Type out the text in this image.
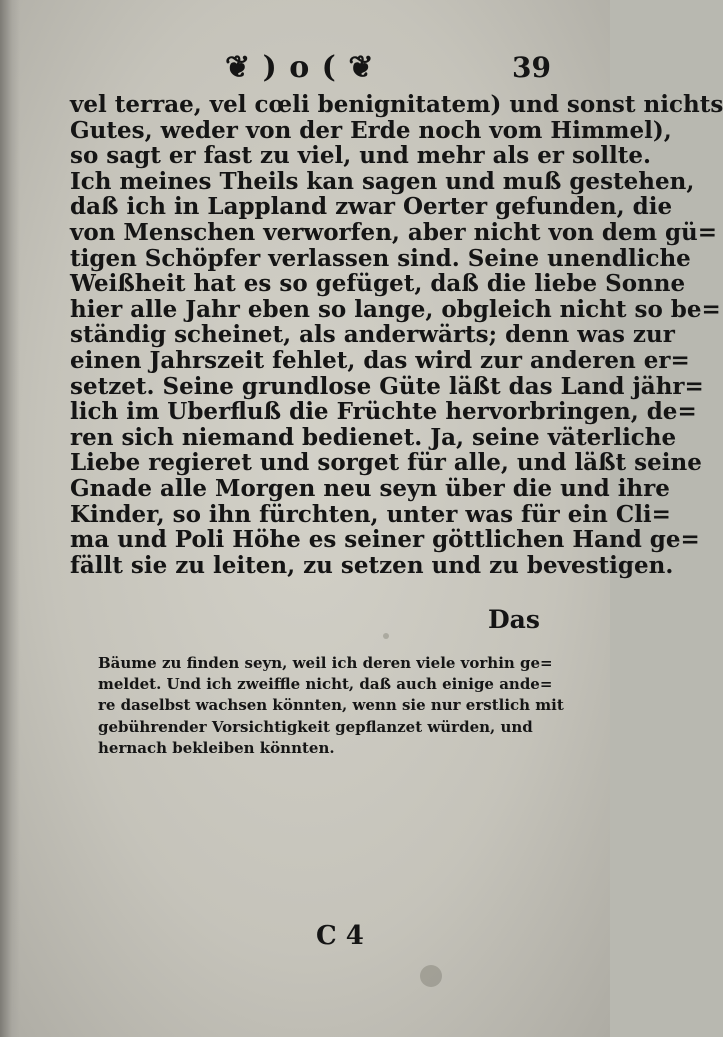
❦ ) o ( ❦	39
vel terrae, vel cœli benignitatem) und sonst nichts
Gutes, weder von der Erde noch vom Himmel),
so sagt er fast zu viel, und mehr als er sollte.
Ich meines Theils kan sagen und muß gestehen,
daß ich in Lappland zwar Oerter gefunden, die
von Menschen verworfen, aber nicht von dem gü=
tigen Schöpfer verlassen sind. Seine unendliche
Weißheit hat es so gefüget, daß die liebe Sonne
hier alle Jahr eben so lange, obgleich nicht so be=
ständig scheinet, als anderwärts; denn was zur
einen Jahrszeit fehlet, das wird zur anderen er=
setzet. Seine grundlose Güte läßt das Land jähr=
lich im Uberfluß die Früchte hervorbringen, de=
ren sich niemand bedienet. Ja, seine väterliche
Liebe regieret und sorget für alle, und läßt seine
Gnade alle Morgen neu seyn über die und ihre
Kinder, so ihn fürchten, unter was für ein Cli=
ma und Poli Höhe es seiner göttlichen Hand ge=
fällt sie zu leiten, zu setzen und zu bevestigen.
Das
Bäume zu finden seyn, weil ich deren viele vorhin ge=
meldet. Und ich zweiffle nicht, daß auch einige ande=
re daselbst wachsen könnten, wenn sie nur erstlich mit
gebührender Vorsichtigkeit gepflanzet würden, und
hernach bekleiben könnten.
C 4
